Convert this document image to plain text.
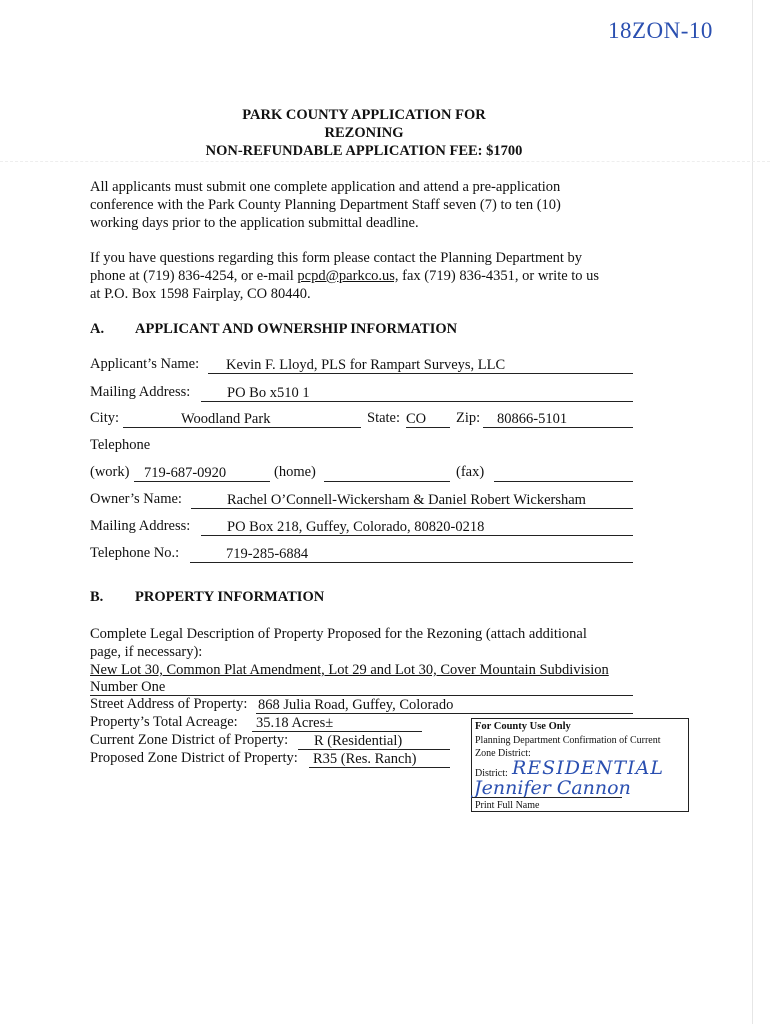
18ZON-10
PARK COUNTY APPLICATION FOR
REZONING
NON-REFUNDABLE APPLICATION FEE: $1700
All applicants must submit one complete application and attend a pre-application
conference with the Park County Planning Department Staff seven (7) to ten (10)
working days prior to the application submittal deadline.
If you have questions regarding this form please contact the Planning Department by
phone at (719) 836-4254, or e-mail pcpd@parkco.us, fax (719) 836-4351, or write to us
at P.O. Box 1598 Fairplay, CO 80440.
A. APPLICANT AND OWNERSHIP INFORMATION
Applicant’s Name: Kevin F. Lloyd, PLS for Rampart Surveys, LLC
Mailing Address:	PO Bo x510 1
City:	Woodland Park	State: CO Zip: 80866-5101
Telephone
(work) 719-687-0920	(home)	(fax)
Owner’s Name:	Rachel O’Connell-Wickersham & Daniel Robert Wickersham
Mailing Address:	PO Box 218, Guffey, Colorado, 80820-0218
Telephone No.:	719-285-6884
B. PROPERTY INFORMATION
Complete Legal Description of Property Proposed for the Rezoning (attach additional
page, if necessary):
New Lot 30, Common Plat Amendment, Lot 29 and Lot 30, Cover Mountain Subdivision
Number One
Street Address of Property: 868 Julia Road, Guffey, Colorado
Property’s Total Acreage: 35.18 Acres±
Current Zone District of Property: R (Residential)
Proposed Zone District of Property: R35 (Res. Ranch)
For County Use Only
Planning Department Confirmation of Current
Zone District:
District: RESIDENTIAL
Jennifer Cannon
Print Full Name
